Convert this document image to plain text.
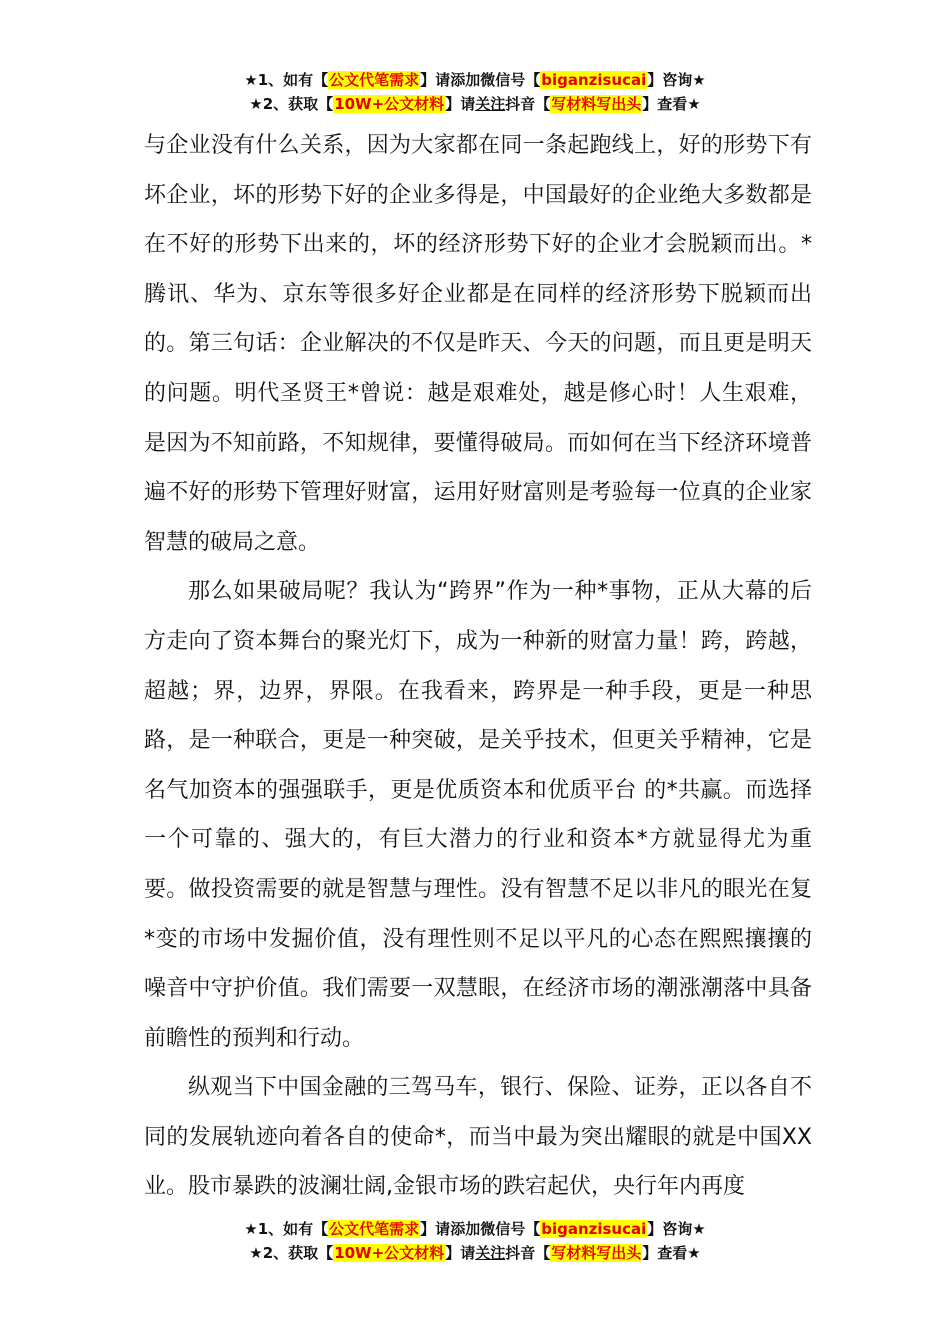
★1、如有【公文代笔需求】请添加微信号【biganzisucai】咨询★
★2、获取【10W+公文材料】请关注抖音【写材料写出头】查看★

与企业没有什么关系，因为大家都在同一条起跑线上，好的形势下有坏企业，坏的形势下好的企业多得是，中国最好的企业绝大多数都是在不好的形势下出来的，坏的经济形势下好的企业才会脱颖而出。*腾讯、华为、京东等很多好企业都是在同样的经济形势下脱颖而出的。第三句话：企业解决的不仅是昨天、今天的问题，而且更是明天的问题。明代圣贤王*曾说：越是艰难处，越是修心时！人生艰难，是因为不知前路，不知规律，要懂得破局。而如何在当下经济环境普遍不好的形势下管理好财富，运用好财富则是考验每一位真的企业家智慧的破局之意。

那么如果破局呢？我认为“跨界”作为一种*事物，正从大幕的后方走向了资本舞台的聚光灯下，成为一种新的财富力量！跨，跨越，超越；界，边界，界限。在我看来，跨界是一种手段，更是一种思路，是一种联合，更是一种突破，是关乎技术，但更关乎精神，它是名气加资本的强强联手，更是优质资本和优质平台 的*共赢。而选择一个可靠的、强大的，有巨大潜力的行业和资本*方就显得尤为重要。做投资需要的就是智慧与理性。没有智慧不足以非凡的眼光在复*变的市场中发掘价值，没有理性则不足以平凡的心态在熙熙攘攘的噪音中守护价值。我们需要一双慧眼，在经济市场的潮涨潮落中具备前瞻性的预判和行动。

纵观当下中国金融的三驾马车，银行、保险、证券，正以各自不同的发展轨迹向着各自的使命*，而当中最为突出耀眼的就是中国XX业。股市暴跌的波澜壮阔,金银市场的跌宕起伏，央行年内再度

★1、如有【公文代笔需求】请添加微信号【biganzisucai】咨询★
★2、获取【10W+公文材料】请关注抖音【写材料写出头】查看★
